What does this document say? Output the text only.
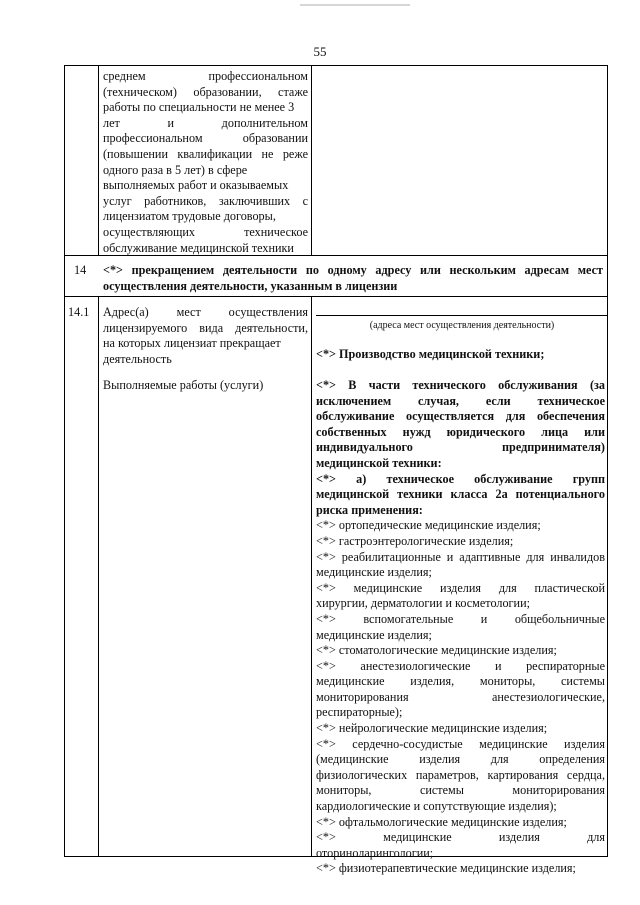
55
среднем профессиональном
(техническом) образовании, стаже
работы по специальности не менее 3
лет и дополнительном
профессиональном образовании
(повышении квалификации не реже
одного раза в 5 лет) в сфере
выполняемых работ и оказываемых
услуг работников, заключивших с
лицензиатом трудовые договоры,
осуществляющих техническое
обслуживание медицинской техники
14 <*> прекращением деятельности по одному адресу или нескольким адресам мест
осуществления деятельности, указанным в лицензии
14.1 Адрес(а) мест осуществления
лицензируемого вида деятельности,
на которых лицензиат прекращает
деятельность
(адреса мест осуществления деятельности)
<*> Производство медицинской техники;
Выполняемые работы (услуги)	<*> В части технического обслуживания (за
исключением случая, если техническое
обслуживание осуществляется для обеспечения
собственных нужд юридического лица или
индивидуального предпринимателя)
медицинской техники:
<*> а) техническое обслуживание групп
медицинской техники класса 2а потенциального
риска применения:
<*> ортопедические медицинские изделия;
<*> гастроэнтерологические изделия;
<*> реабилитационные и адаптивные для инвалидов
медицинские изделия;
<*> медицинские изделия для пластической
хирургии, дерматологии и косметологии;
<*> вспомогательные и общебольничные
медицинские изделия;
<*> стоматологические медицинские изделия;
<*> анестезиологические и респираторные
медицинские изделия, мониторы, системы
мониторирования анестезиологические,
респираторные);
<*> нейрологические медицинские изделия;
<*> сердечно-сосудистые медицинские изделия
(медицинские изделия для определения
физиологических параметров, картирования сердца,
мониторы, системы мониторирования
кардиологические и сопутствующие изделия);
<*> офтальмологические медицинские изделия;
<*> медицинские изделия для
оториноларингологии;
<*> физиотерапевтические медицинские изделия;
